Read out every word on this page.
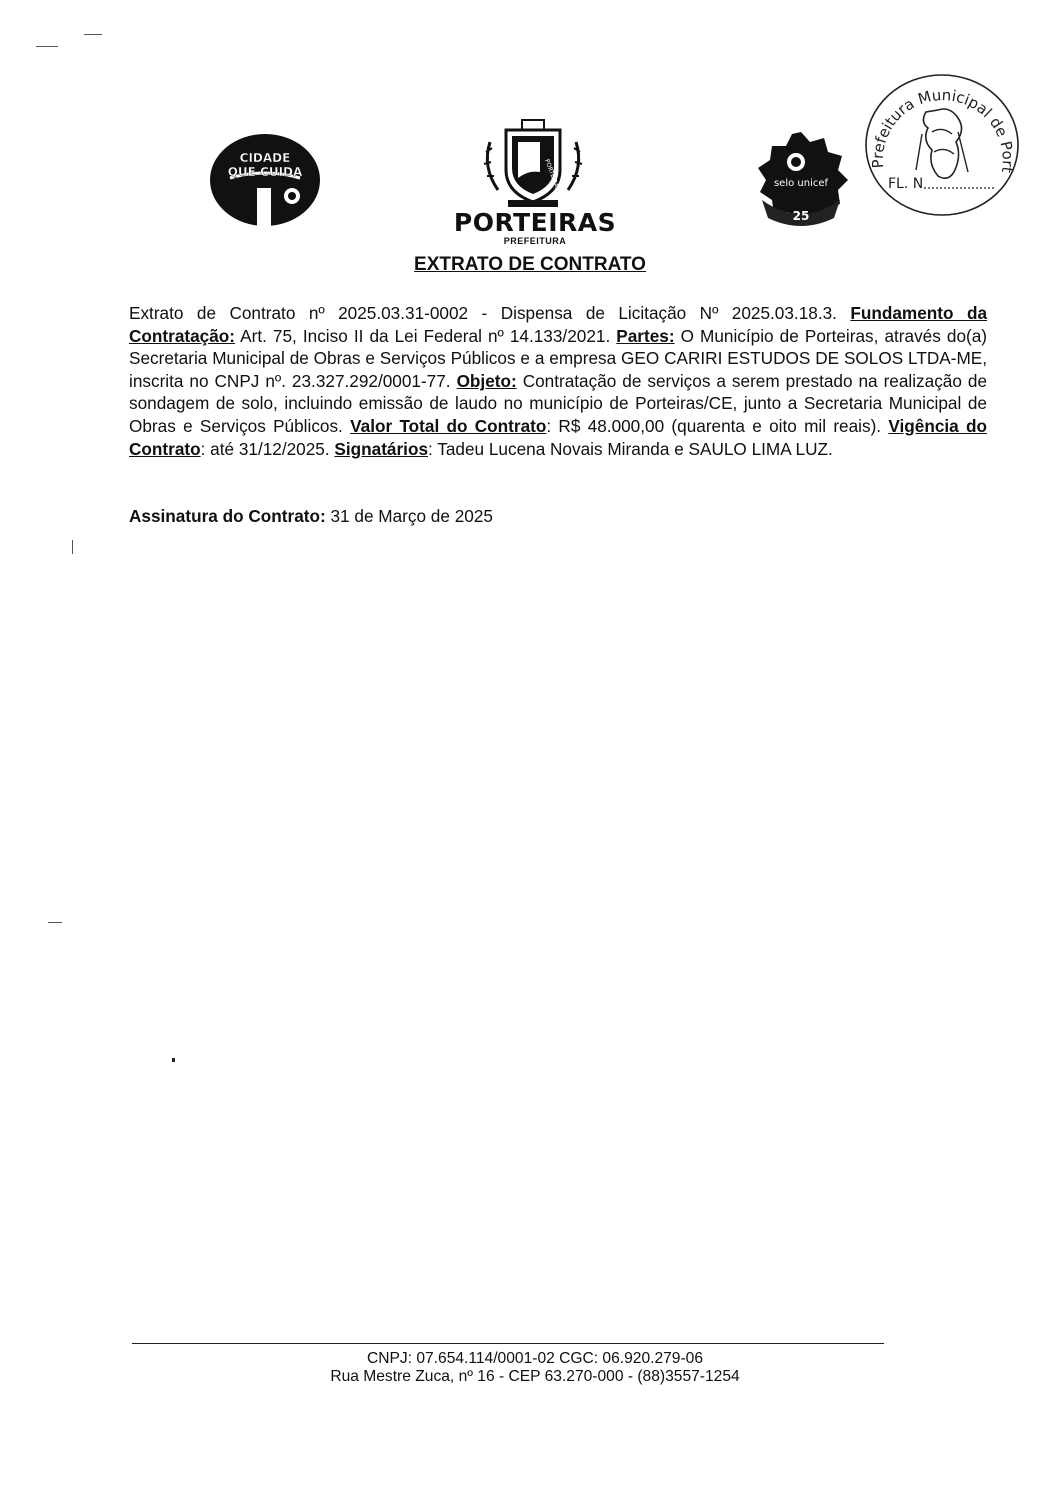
CIDADE
QUE CUIDA	PORTEIRAS
PORTEIRAS
PREFEITURA
selo unicef
25
Prefeitura Municipal de Port
FL. N
EXTRATO DE CONTRATO
Extrato de Contrato nº 2025.03.31-0002 - Dispensa de Licitação Nº 2025.03.18.3. Fundamento da Contratação: Art. 75, Inciso II da Lei Federal nº 14.133/2021. Partes: O Município de Porteiras, através do(a) Secretaria Municipal de Obras e Serviços Públicos e a empresa GEO CARIRI ESTUDOS DE SOLOS LTDA-ME, inscrita no CNPJ nº. 23.327.292/0001-77. Objeto: Contratação de serviços a serem prestado na realização de sondagem de solo, incluindo emissão de laudo no município de Porteiras/CE, junto a Secretaria Municipal de Obras e Serviços Públicos. Valor Total do Contrato: R$ 48.000,00 (quarenta e oito mil reais). Vigência do Contrato: até 31/12/2025. Signatários: Tadeu Lucena Novais Miranda e SAULO LIMA LUZ.
Assinatura do Contrato: 31 de Março de 2025
CNPJ: 07.654.114/0001-02 CGC: 06.920.279-06
Rua Mestre Zuca, nº 16 - CEP 63.270-000 - (88)3557-1254
